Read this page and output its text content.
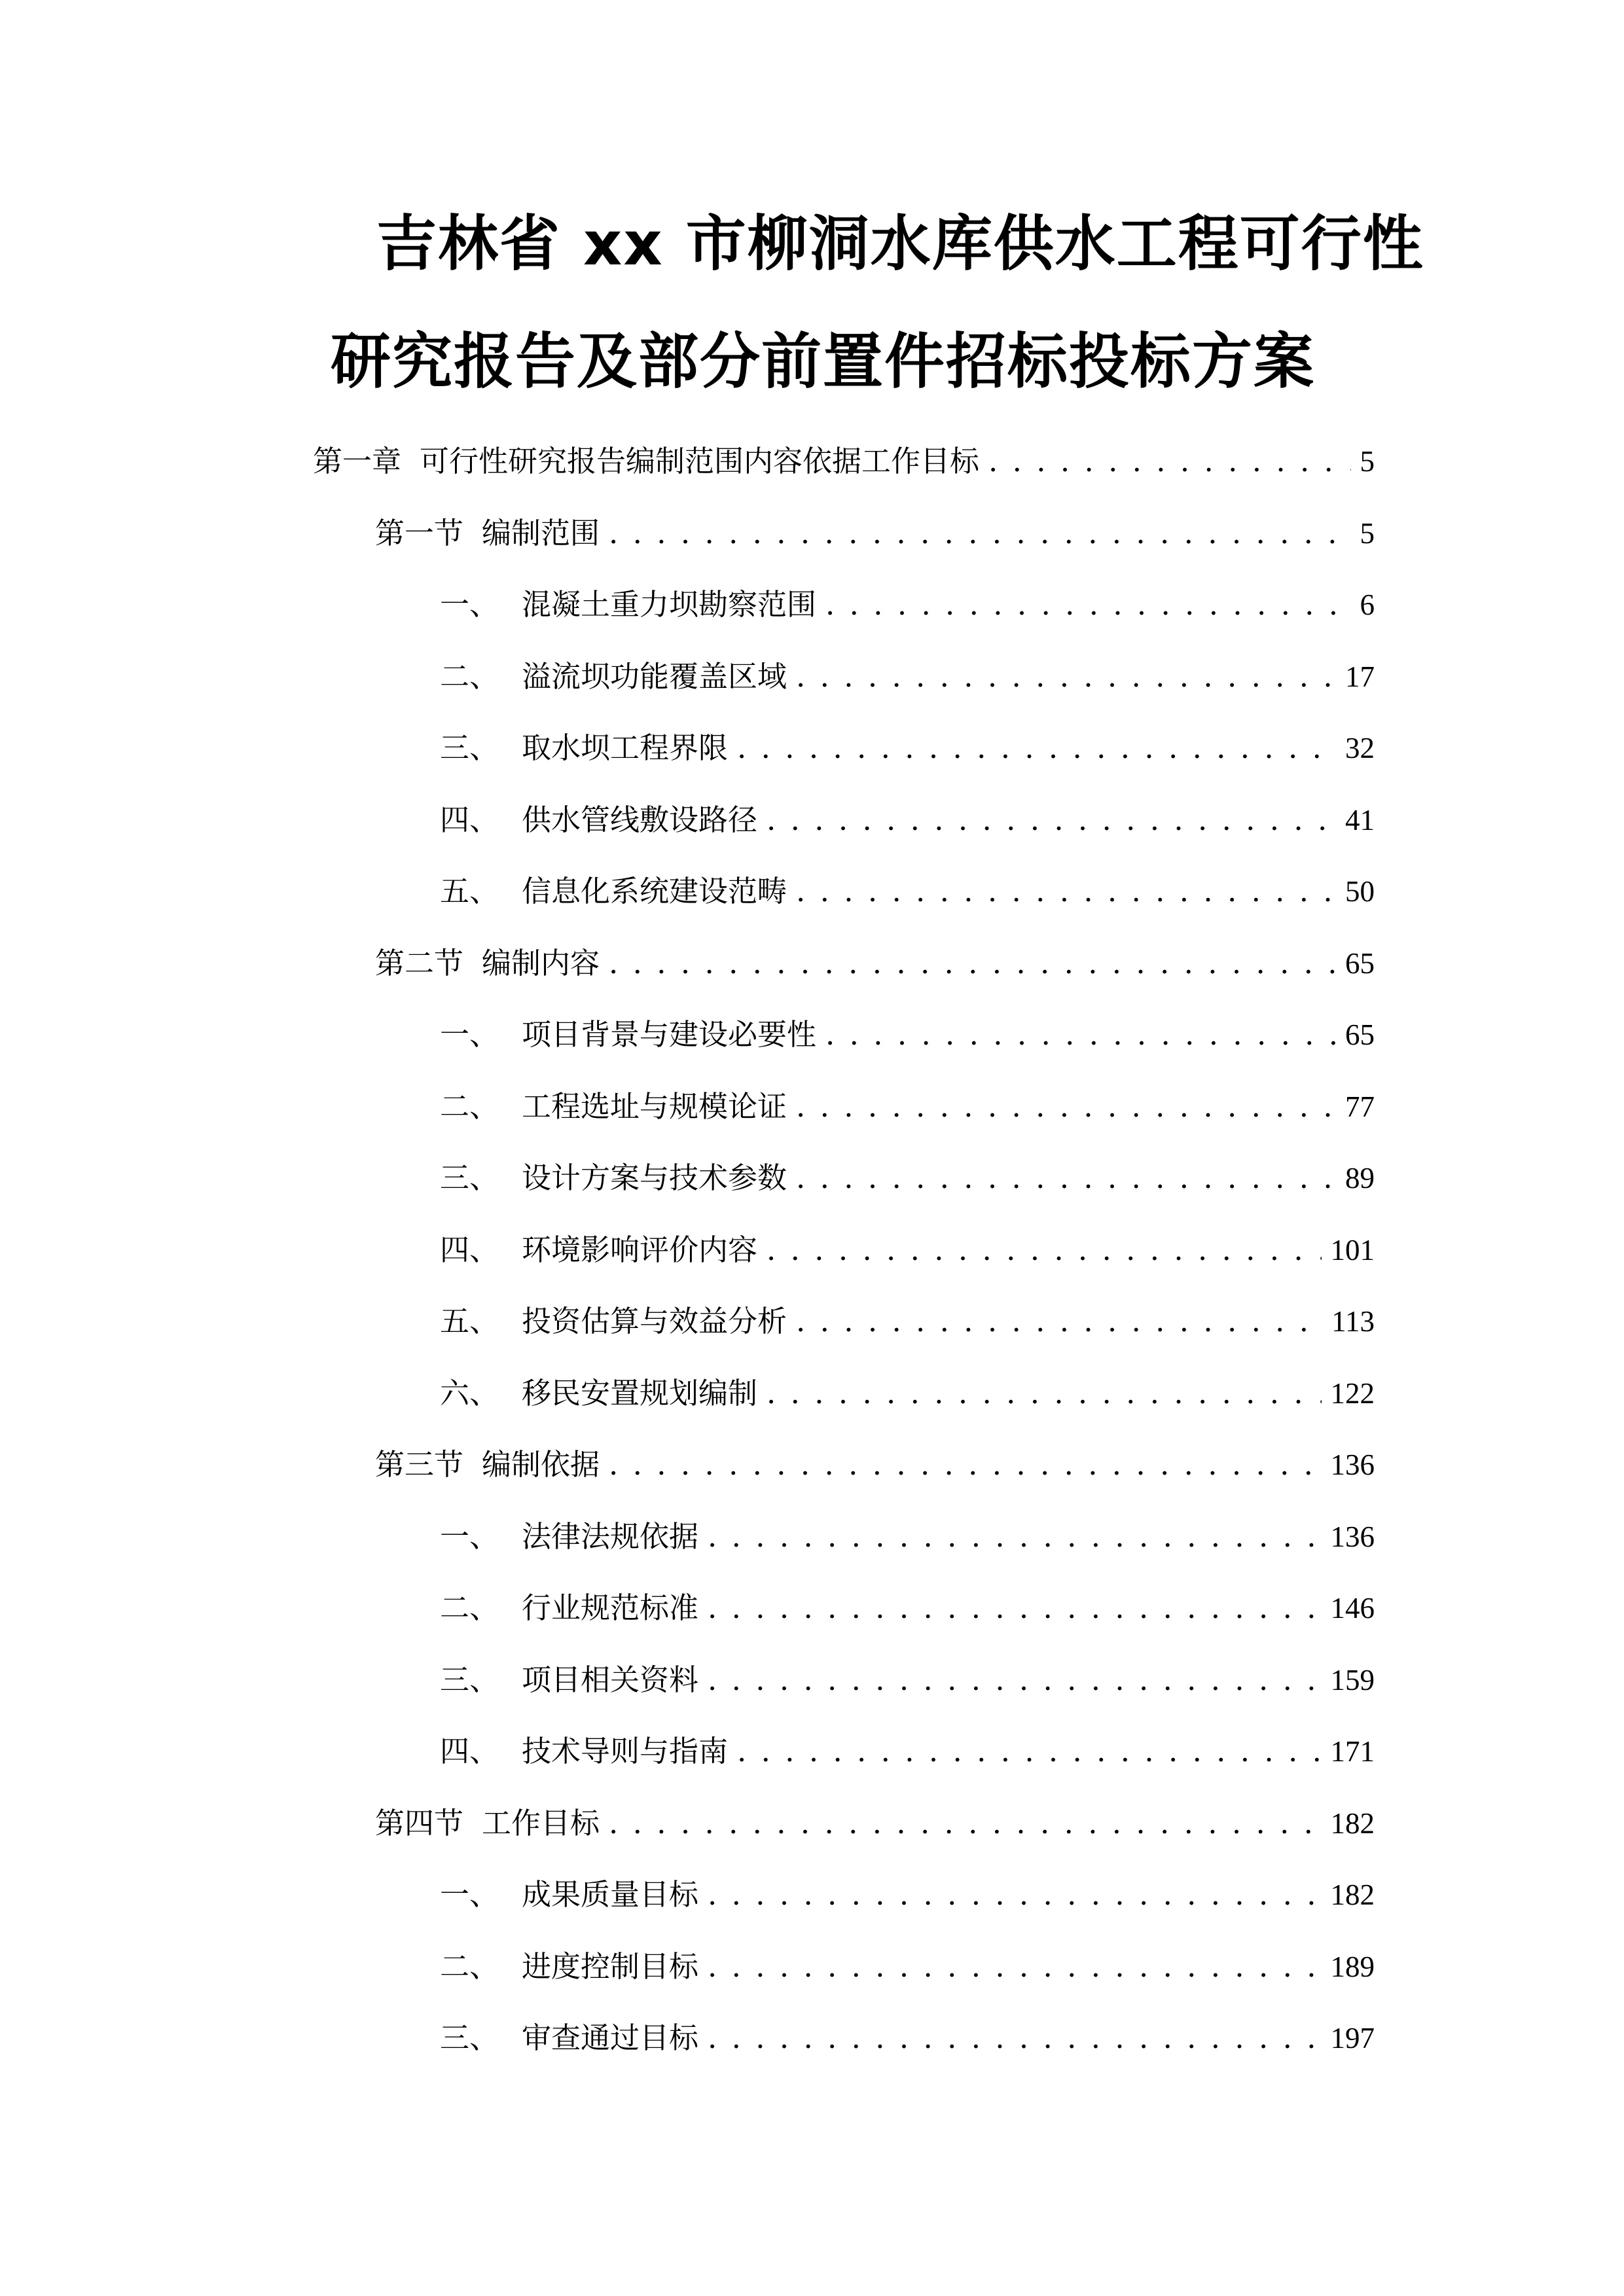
吉林省 xx 市柳洞水库供水工程可行性
研究报告及部分前置件招标投标方案
第一章 可行性研究报告编制范围内容依据工作目标 . . .	5
第一节 编制范围 . . .	5
一、 混凝土重力坝勘察范围 . . .	6
二、 溢流坝功能覆盖区域 . . .	17
三、 取水坝工程界限 . . .	32
四、 供水管线敷设路径 . . .	41
五、 信息化系统建设范畴 . . .	50
第二节 编制内容 . . .	65
一、 项目背景与建设必要性 . . .	65
二、 工程选址与规模论证 . . .	77
三、 设计方案与技术参数 . . .	89
四、 环境影响评价内容 . . .	101
五、 投资估算与效益分析 . . .	113
六、 移民安置规划编制 . . .	122
第三节 编制依据 . . .	136
一、 法律法规依据 . . .	136
二、 行业规范标准 . . .	146
三、 项目相关资料 . . .	159
四、 技术导则与指南 . . .	171
第四节 工作目标 . . .	182
一、 成果质量目标 . . .	182
二、 进度控制目标 . . .	189
三、 审查通过目标 . . .	197
